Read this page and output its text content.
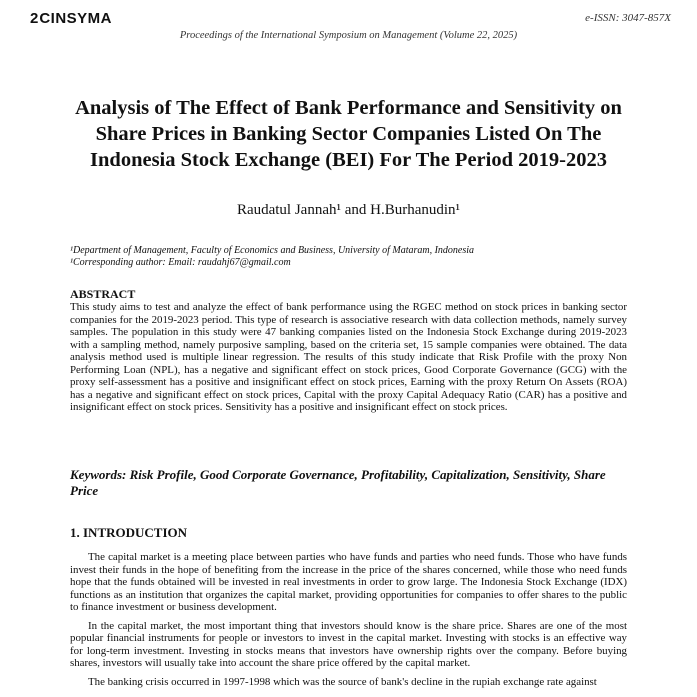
2 CINSYMA	e-ISSN: 3047-857X
Proceedings of the International Symposium on Management (Volume 22, 2025)
Analysis of The Effect of Bank Performance and Sensitivity on Share Prices in Banking Sector Companies Listed On The Indonesia Stock Exchange (BEI) For The Period 2019-2023
Raudatul Jannah¹ and H.Burhanudin¹
¹Department of Management, Faculty of Economics and Business, University of Mataram, Indonesia
¹Corresponding author: Email: raudahj67@gmail.com
ABSTRACT
This study aims to test and analyze the effect of bank performance using the RGEC method on stock prices in banking sector companies for the 2019-2023 period. This type of research is associative research with data collection methods, namely survey samples. The population in this study were 47 banking companies listed on the Indonesia Stock Exchange during 2019-2023 with a sampling method, namely purposive sampling, based on the criteria set, 15 sample companies were obtained. The data analysis method used is multiple linear regression. The results of this study indicate that Risk Profile with the proxy Non Performing Loan (NPL), has a negative and significant effect on stock prices, Good Corporate Governance (GCG) with the proxy self-assessment has a positive and insignificant effect on stock prices, Earning with the proxy Return On Assets (ROA) has a negative and significant effect on stock prices, Capital with the proxy Capital Adequacy Ratio (CAR) has a positive and insignificant effect on stock prices. Sensitivity has a positive and insignificant effect on stock prices.
Keywords: Risk Profile, Good Corporate Governance, Profitability, Capitalization, Sensitivity, Share Price
1. INTRODUCTION

The capital market is a meeting place between parties who have funds and parties who need funds. Those who have funds invest their funds in the hope of benefiting from the increase in the price of the shares concerned, while those who need funds hope that the funds obtained will be invested in real investments in order to grow large. The Indonesia Stock Exchange (IDX) functions as an institution that organizes the capital market, providing opportunities for companies to offer shares to the public to finance investment or business development.

In the capital market, the most important thing that investors should know is the share price. Shares are one of the most popular financial instruments for people or investors to invest in the capital market. Investing with stocks is an effective way for long-term investment. Investing in stocks means that investors have ownership rights over the company. Before buying shares, investors will usually take into account the share price offered by the capital market.

The banking crisis occurred in 1997-1998 which was the source of bank's decline in the rupiah exchange rate against
